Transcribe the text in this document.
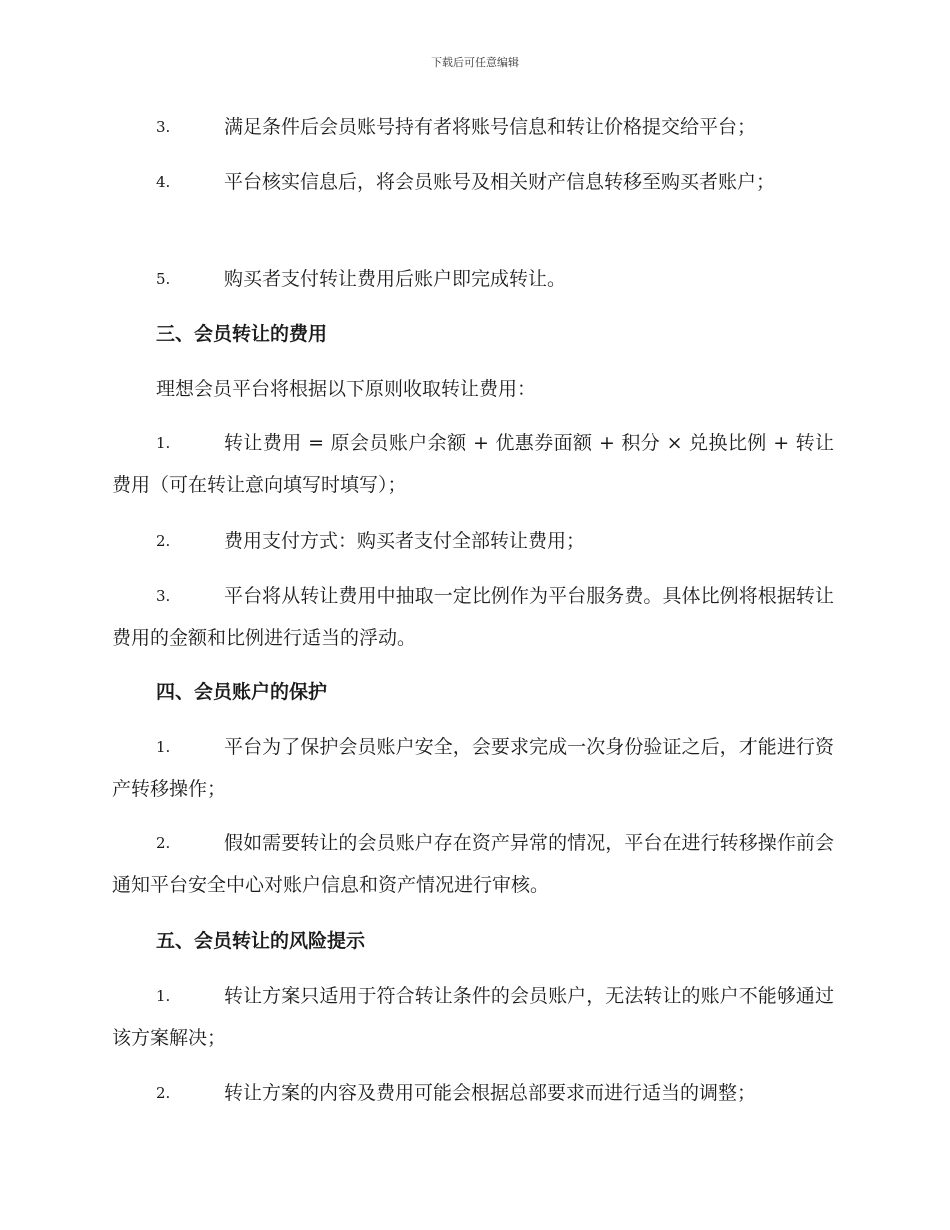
下载后可任意编辑
3.	满足条件后会员账号持有者将账号信息和转让价格提交给平台；
4.	平台核实信息后，将会员账号及相关财产信息转移至购买者账户；
5.	购买者支付转让费用后账户即完成转让。
三、会员转让的费用
理想会员平台将根据以下原则收取转让费用：
1.	转让费用 = 原会员账户余额 + 优惠券面额 + 积分 × 兑换比例 + 转让费用（可在转让意向填写时填写）；
2.	费用支付方式：购买者支付全部转让费用；
3.	平台将从转让费用中抽取一定比例作为平台服务费。具体比例将根据转让费用的金额和比例进行适当的浮动。
四、会员账户的保护
1.	平台为了保护会员账户安全，会要求完成一次身份验证之后，才能进行资产转移操作；
2.	假如需要转让的会员账户存在资产异常的情况，平台在进行转移操作前会通知平台安全中心对账户信息和资产情况进行审核。
五、会员转让的风险提示
1.	转让方案只适用于符合转让条件的会员账户，无法转让的账户不能够通过该方案解决；
2.	转让方案的内容及费用可能会根据总部要求而进行适当的调整；
